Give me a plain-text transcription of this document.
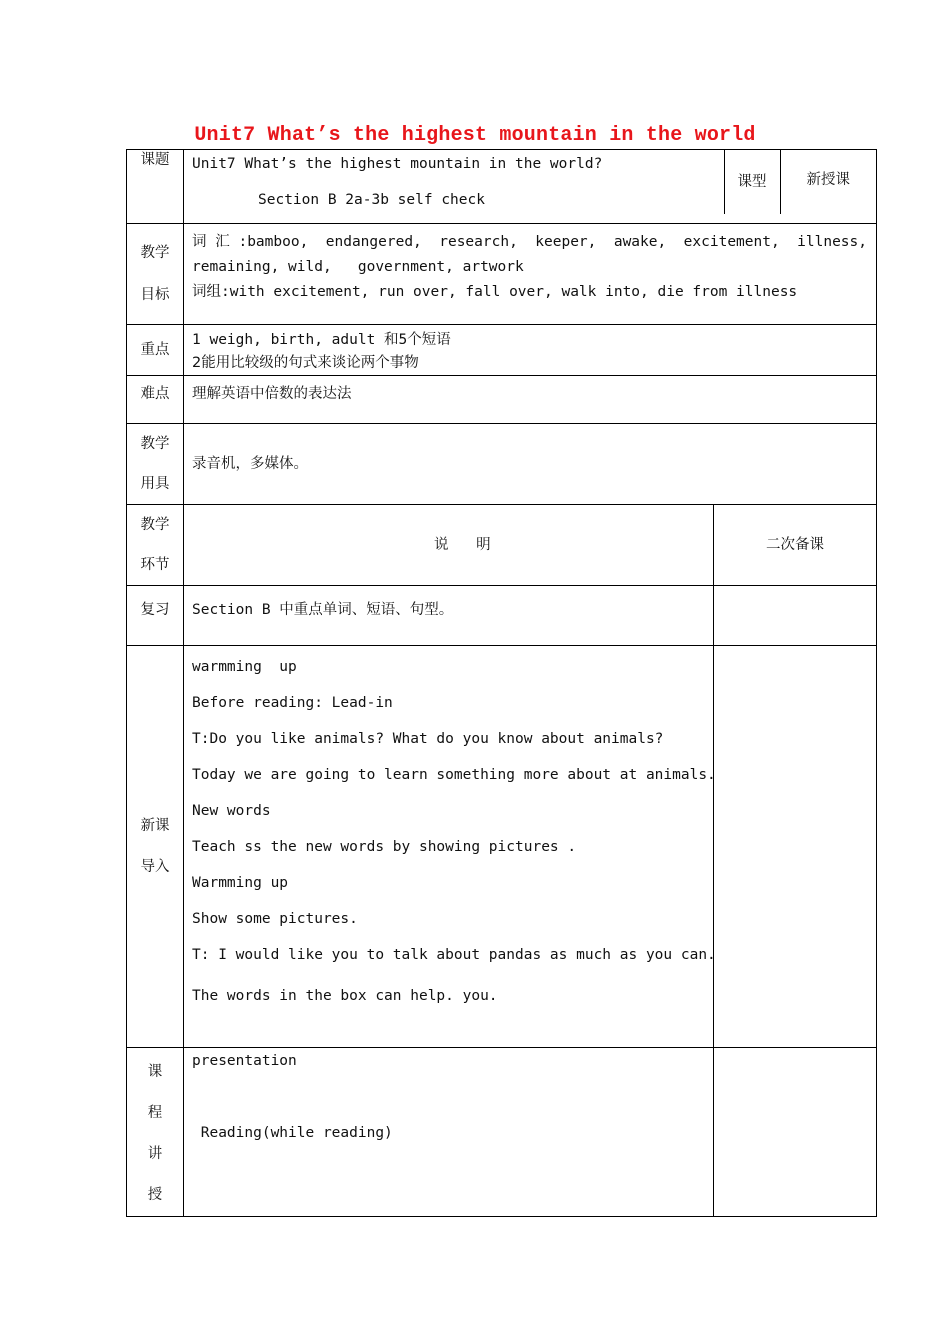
Unit7 What’s the highest mountain in the world
课题
	Unit7 What’s the highest mountain in the world?
Section B 2a-3b self check
	课型	新授课

教学
目标

词 汇 :bamboo,  endangered,  research,  keeper,  awake,  excitement,  illness,
remaining, wild,   government, artwork
词组:with excitement, run over, fall over, walk into, die from illness

重点	
1 weigh, birth, adult 和5个短语
2能用比较级的句式来谈论两个事物

难点	理解英语中倍数的表达法

教学
用具
	录音机，多媒体。

教学
环节

说      明	二次备课
复习	Section B 中重点单词、短语、句型。	

新课
导入

warmming  up
Before reading: Lead-in
T:Do you like animals? What do you know about animals?
Today we are going to learn something more about at animals.
New words
Teach ss the new words by showing pictures .
Warmming up
Show some pictures.
T: I would like you to talk about pandas as much as you can.
The words in the box can help. you.

课
程
讲
授

presentation
Reading(while reading)
